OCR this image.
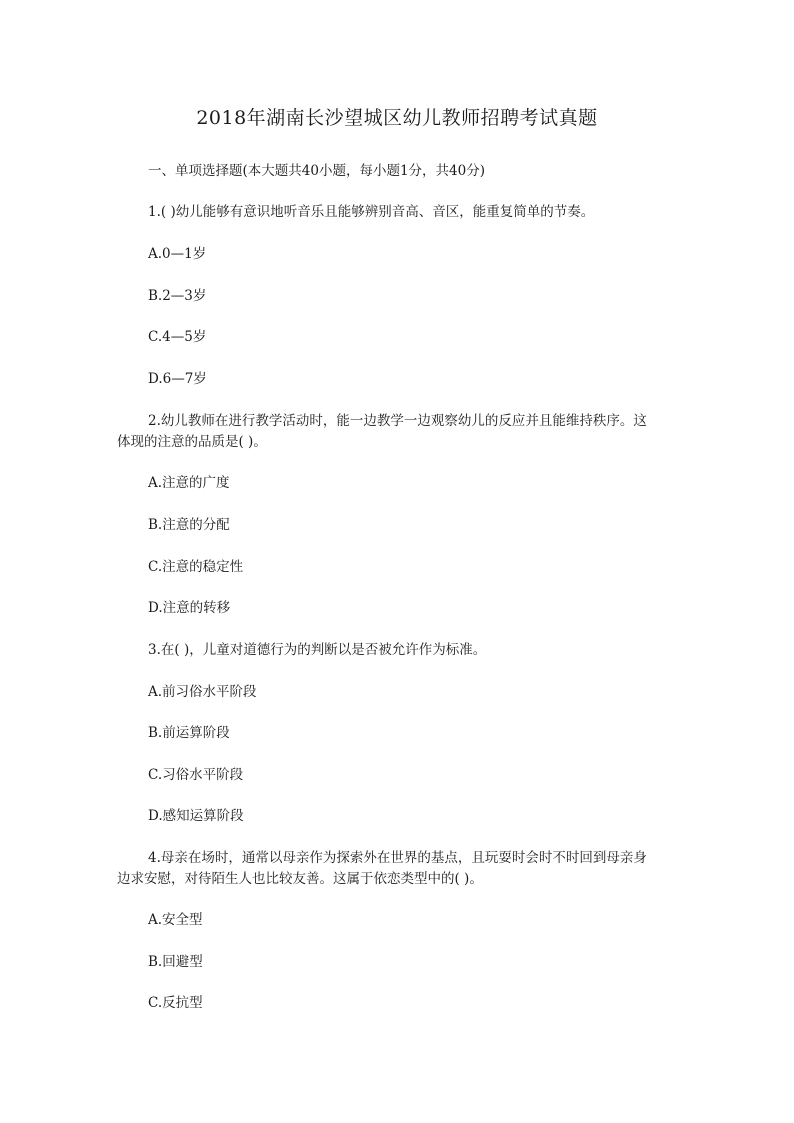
2018年湖南长沙望城区幼儿教师招聘考试真题
一、单项选择题(本大题共40小题，每小题1分，共40分)
1.( )幼儿能够有意识地听音乐且能够辨别音高、音区，能重复简单的节奏。
A.0—1岁
B.2—3岁
C.4—5岁
D.6—7岁
2.幼儿教师在进行教学活动时，能一边教学一边观察幼儿的反应并且能维持秩序。这
体现的注意的品质是( )。
A.注意的广度
B.注意的分配
C.注意的稳定性
D.注意的转移
3.在( )，儿童对道德行为的判断以是否被允许作为标准。
A.前习俗水平阶段
B.前运算阶段
C.习俗水平阶段
D.感知运算阶段
4.母亲在场时，通常以母亲作为探索外在世界的基点，且玩耍时会时不时回到母亲身
边求安慰，对待陌生人也比较友善。这属于依恋类型中的( )。
A.安全型
B.回避型
C.反抗型
